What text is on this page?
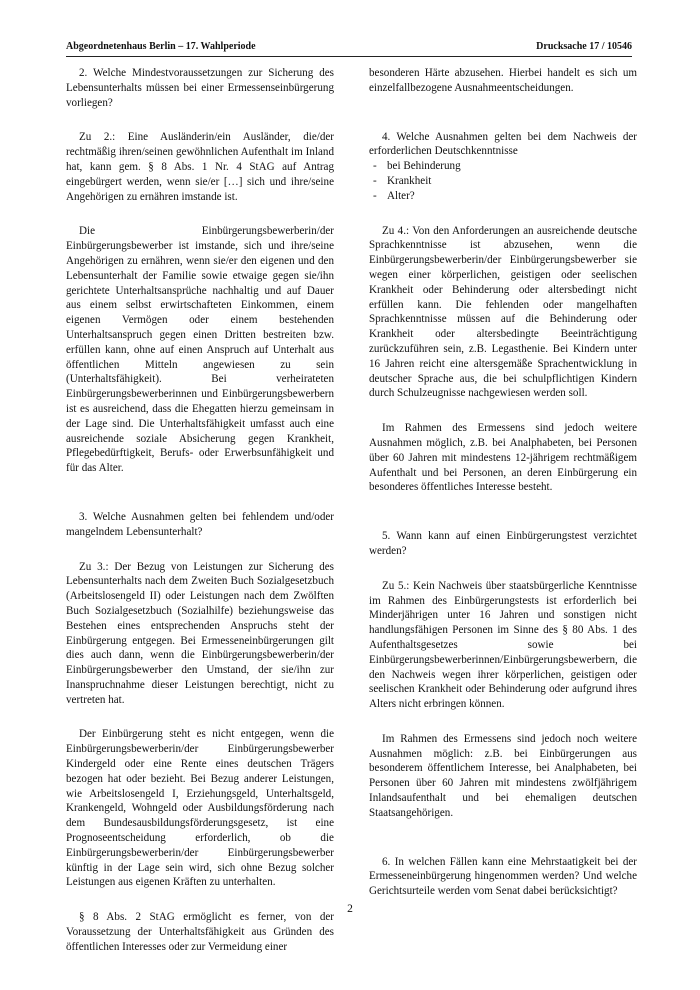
Abgeordnetenhaus Berlin – 17. Wahlperiode	Drucksache 17 / 10546

2. Welche Mindestvoraussetzungen zur Sicherung des Lebensunterhalts müssen bei einer Ermessenseinbürgerung vorliegen?

Zu 2.: Eine Ausländerin/ein Ausländer, die/der rechtmäßig ihren/seinen gewöhnlichen Aufenthalt im Inland hat, kann gem. § 8 Abs. 1 Nr. 4 StAG auf Antrag eingebürgert werden, wenn sie/er […] sich und ihre/seine Angehörigen zu ernähren imstande ist.

Die Einbürgerungsbewerberin/der Einbürgerungsbewerber ist imstande, sich und ihre/seine Angehörigen zu ernähren, wenn sie/er den eigenen und den Lebensunterhalt der Familie sowie etwaige gegen sie/ihn gerichtete Unterhaltsansprüche nachhaltig und auf Dauer aus einem selbst erwirtschafteten Einkommen, einem eigenen Vermögen oder einem bestehenden Unterhaltsanspruch gegen einen Dritten bestreiten bzw. erfüllen kann, ohne auf einen Anspruch auf Unterhalt aus öffentlichen Mitteln angewiesen zu sein (Unterhaltsfähigkeit). Bei verheirateten Einbürgerungsbewerberinnen und Einbürgerungsbewerbern ist es ausreichend, dass die Ehegatten hierzu gemeinsam in der Lage sind. Die Unterhaltsfähigkeit umfasst auch eine ausreichende soziale Absicherung gegen Krankheit, Pflegebedürftigkeit, Berufs- oder Erwerbsunfähigkeit und für das Alter.

3. Welche Ausnahmen gelten bei fehlendem und/oder mangelndem Lebensunterhalt?

Zu 3.: Der Bezug von Leistungen zur Sicherung des Lebensunterhalts nach dem Zweiten Buch Sozialgesetzbuch (Arbeitslosengeld II) oder Leistungen nach dem Zwölften Buch Sozialgesetzbuch (Sozialhilfe) beziehungsweise das Bestehen eines entsprechenden Anspruchs steht der Einbürgerung entgegen. Bei Ermesseneinbürgerungen gilt dies auch dann, wenn die Einbürgerungsbewerberin/der Einbürgerungsbewerber den Umstand, der sie/ihn zur Inanspruchnahme dieser Leistungen berechtigt, nicht zu vertreten hat.

Der Einbürgerung steht es nicht entgegen, wenn die Einbürgerungsbewerberin/der Einbürgerungsbewerber Kindergeld oder eine Rente eines deutschen Trägers bezogen hat oder bezieht. Bei Bezug anderer Leistungen, wie Arbeitslosengeld I, Erziehungsgeld, Unterhaltsgeld, Krankengeld, Wohngeld oder Ausbildungsförderung nach dem Bundesausbildungsförderungsgesetz, ist eine Prognoseentscheidung erforderlich, ob die Einbürgerungsbewerberin/der Einbürgerungsbewerber künftig in der Lage sein wird, sich ohne Bezug solcher Leistungen aus eigenen Kräften zu unterhalten.

§ 8 Abs. 2 StAG ermöglicht es ferner, von der Voraussetzung der Unterhaltsfähigkeit aus Gründen des öffentlichen Interesses oder zur Vermeidung einer

besonderen Härte abzusehen. Hierbei handelt es sich um einzelfallbezogene Ausnahmeentscheidungen.

4. Welche Ausnahmen gelten bei dem Nachweis der erforderlichen Deutschkenntnisse

- bei Behinderung
- Krankheit
- Alter?

Zu 4.: Von den Anforderungen an ausreichende deutsche Sprachkenntnisse ist abzusehen, wenn die Einbürgerungsbewerberin/der Einbürgerungsbewerber sie wegen einer körperlichen, geistigen oder seelischen Krankheit oder Behinderung oder altersbedingt nicht erfüllen kann. Die fehlenden oder mangelhaften Sprachkenntnisse müssen auf die Behinderung oder Krankheit oder altersbedingte Beeinträchtigung zurückzuführen sein, z.B. Legasthenie. Bei Kindern unter 16 Jahren reicht eine altersgemäße Sprachentwicklung in deutscher Sprache aus, die bei schulpflichtigen Kindern durch Schulzeugnisse nachgewiesen werden soll.

Im Rahmen des Ermessens sind jedoch weitere Ausnahmen möglich, z.B. bei Analphabeten, bei Personen über 60 Jahren mit mindestens 12-jährigem rechtmäßigem Aufenthalt und bei Personen, an deren Einbürgerung ein besonderes öffentliches Interesse besteht.

5. Wann kann auf einen Einbürgerungstest verzichtet werden?

Zu 5.: Kein Nachweis über staatsbürgerliche Kenntnisse im Rahmen des Einbürgerungstests ist erforderlich bei Minderjährigen unter 16 Jahren und sonstigen nicht handlungsfähigen Personen im Sinne des § 80 Abs. 1 des Aufenthaltsgesetzes sowie bei Einbürgerungsbewerberinnen/Einbürgerungsbewerbern, die den Nachweis wegen ihrer körperlichen, geistigen oder seelischen Krankheit oder Behinderung oder aufgrund ihres Alters nicht erbringen können.

Im Rahmen des Ermessens sind jedoch noch weitere Ausnahmen möglich: z.B. bei Einbürgerungen aus besonderem öffentlichem Interesse, bei Analphabeten, bei Personen über 60 Jahren mit mindestens zwölfjährigem Inlandsaufenthalt und bei ehemaligen deutschen Staatsangehörigen.

6. In welchen Fällen kann eine Mehrstaatigkeit bei der Ermesseneinbürgerung hingenommen werden? Und welche Gerichtsurteile werden vom Senat dabei berücksichtigt?

2
